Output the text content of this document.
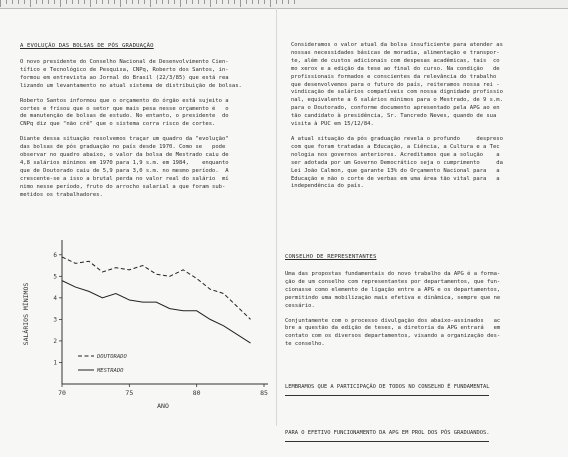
A EVOLUÇÃO DAS BOLSAS DE PÓS GRADUAÇÃO

O novo presidente do Conselho Nacional de Desenvolvimento Cien-
tífico e Tecnológico de Pesquisa, CNPq, Roberto dos Santos, in-
formou em entrevista ao Jornal do Brasil (22/3/85) que está rea
lizando um levantamento no atual sistema de distribuição de bolsas.

Roberto Santos informou que o orçamento do órgão está sujeito a
cortes e frisou que o setor que mais pesa nesse orçamento é   o
de manutenção de bolsas de estudo. No entanto, o presidente  do
CNPq diz que "não crê" que o sistema corra risco de cortes.

Diante dessa situação resolvemos traçar um quadro da "evolução"
das bolsas de pós graduação no país desde 1970. Como se   pode
observar no quadro abaixo, o valor da bolsa de Mestrado caiu de
4,8 salários mínimos em 1970 para 1,9 s.m. em 1984,    enquanto
que de Doutorado caiu de 5,9 para 3,0 s.m. no mesmo período.  A
crescente-se a isso a brutal perda no valor real do salário  mí
nimo nesse período, fruto do arrocho salarial a que foram sub-
metidos os trabalhadores.

1
2
3
4
5
6
70	75	80	85
ANO
SALÁRIOS MÍNIMOS
DOUTORADO
MESTRADO

Consideramos o valor atual da bolsa insuficiente para atender as
nossas necessidades básicas de moradia, alimentação e transpor-
te, além de custos adicionais com despesas acadêmicas, tais  co
mo xerox e a edição da tese ao final do curso. Na condição   de
profissionais formados e conscientes da relevância do trabalho
que desenvolvemos para o futuro do país, reiteramos nossa rei -
vindicação de salários compatíveis com nossa dignidade profissio
nal, equivalente a 6 salários mínimos para o Mestrado, de 9 s.m.
para o Doutorado, conforme documento apresentado pela APG ao en
tão candidato à presidência, Sr. Tancredo Neves, quando de sua
visita à PUC em 15/12/84.

A atual situação da pós graduação revela o profundo     despreso
com que foram tratadas a Educação, a Ciência, a Cultura e a Tec
nologia nos governos anteriores. Acreditamos que a solução    a
ser adotada por um Governo Democrático seja o cumprimento     da
Lei João Calmon, que garante 13% do Orçamento Nacional para   a
Educação e não o corte de verbas em uma área tão vital para   a
independência do país.

CONSELHO DE REPRESENTANTES

Uma das propostas fundamentais do novo trabalho da APG é a forma-
ção de um conselho com representantes por departamentos, que fun-
cionasse como elemento de ligação entre a APG e os departamentos,
permitindo uma mobilização mais efetiva e dinâmica, sempre que ne
cessário.

Conjuntamente com o processo divulgação dos abaixo-assinados   ac
bre a questão da edição de teses, a diretoria da APG entrará   em
contato com os diversos departamentos, visando a organização des-
te conselho.

LEMBRAMOS QUE A PARTICIPAÇÃO DE TODOS NO CONSELHO É FUNDAMENTAL

PARA O EFETIVO FUNCIONAMENTO DA APG EM PROL DOS PÓS GRADUANDOS.
